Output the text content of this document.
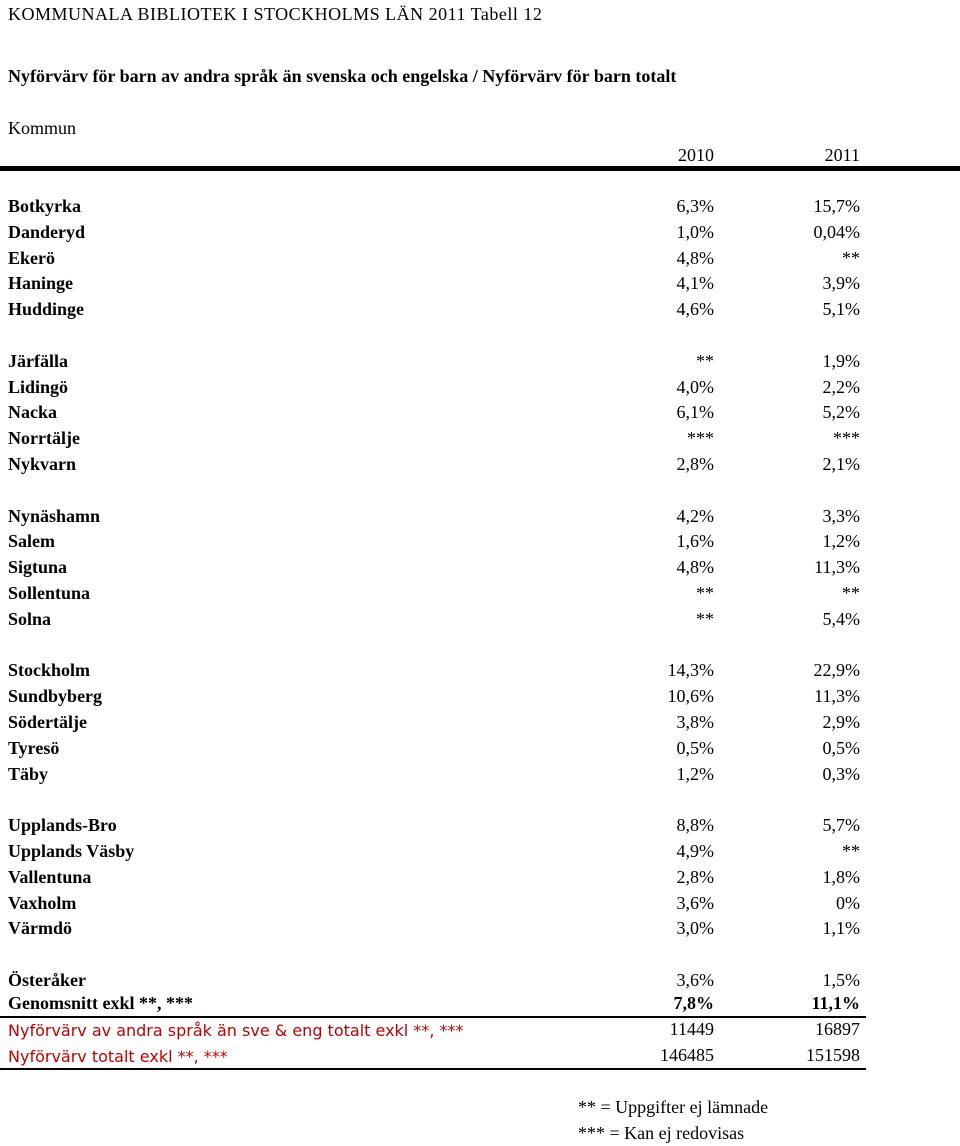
KOMMUNALA BIBLIOTEK I STOCKHOLMS LÄN 2011 Tabell 12
Nyförvärv för barn av andra språk än svenska och engelska / Nyförvärv för barn totalt
Kommun
2010	2011
Botkyrka	6,3%	15,7%
Danderyd	1,0%	0,04%
Ekerö	4,8%	**
Haninge	4,1%	3,9%
Huddinge	4,6%	5,1%
Järfälla	**	1,9%
Lidingö	4,0%	2,2%
Nacka	6,1%	5,2%
Norrtälje	***	***
Nykvarn	2,8%	2,1%
Nynäshamn	4,2%	3,3%
Salem	1,6%	1,2%
Sigtuna	4,8%	11,3%
Sollentuna	**	**
Solna	**	5,4%
Stockholm	14,3%	22,9%
Sundbyberg	10,6%	11,3%
Södertälje	3,8%	2,9%
Tyresö	0,5%	0,5%
Täby	1,2%	0,3%
Upplands-Bro	8,8%	5,7%
Upplands Väsby	4,9%	**
Vallentuna	2,8%	1,8%
Vaxholm	3,6%	0%
Värmdö	3,0%	1,1%
Österåker	3,6%	1,5%
Genomsnitt exkl **, ***	7,8%	11,1%
Nyförvärv av andra språk än sve & eng totalt exkl **, ***	11449	16897
Nyförvärv totalt exkl **, ***	146485	151598
** = Uppgifter ej lämnade
*** = Kan ej redovisas
